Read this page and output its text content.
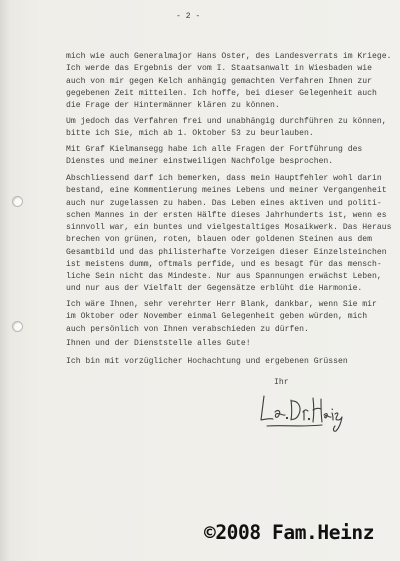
- 2 -
mich wie auch Generalmajor Hans Oster, des Landesverrats im Kriege.
Ich werde das Ergebnis der vom I. Staatsanwalt in Wiesbaden wie
auch von mir gegen Kelch anhängig gemachten Verfahren Ihnen zur
gegebenen Zeit mitteilen. Ich hoffe, bei dieser Gelegenheit auch
die Frage der Hintermänner klären zu können.
Um jedoch das Verfahren frei und unabhängig durchführen zu können,
bitte ich Sie, mich ab 1. Oktober 53 zu beurlauben.
Mit Graf Kielmansegg habe ich alle Fragen der Fortführung des
Dienstes und meiner einstweiligen Nachfolge besprochen.
Abschliessend darf ich bemerken, dass mein Hauptfehler wohl darin
bestand, eine Kommentierung meines Lebens und meiner Vergangenheit
auch nur zugelassen zu haben. Das Leben eines aktiven und politi-
schen Mannes in der ersten Hälfte dieses Jahrhunderts ist, wenn es
sinnvoll war, ein buntes und vielgestaltiges Mosaikwerk. Das Heraus
brechen von grünen, roten, blauen oder goldenen Steinen aus dem
Gesamtbild und das philisterhafte Vorzeigen dieser Einzelsteinchen
ist meistens dumm, oftmals perfide, und es besagt für das mensch-
liche Sein nicht das Mindeste. Nur aus Spannungen erwächst Leben,
und nur aus der Vielfalt der Gegensätze erblüht die Harmonie.
Ich wäre Ihnen, sehr verehrter Herr Blank, dankbar, wenn Sie mir
im Oktober oder November einmal Gelegenheit geben würden, mich
auch persönlich von Ihnen verabschieden zu dürfen.
Ihnen und der Dienststelle alles Gute!
Ich bin mit vorzüglicher Hochachtung und ergebenen Grüssen
Ihr
©2008 Fam.Heinz
